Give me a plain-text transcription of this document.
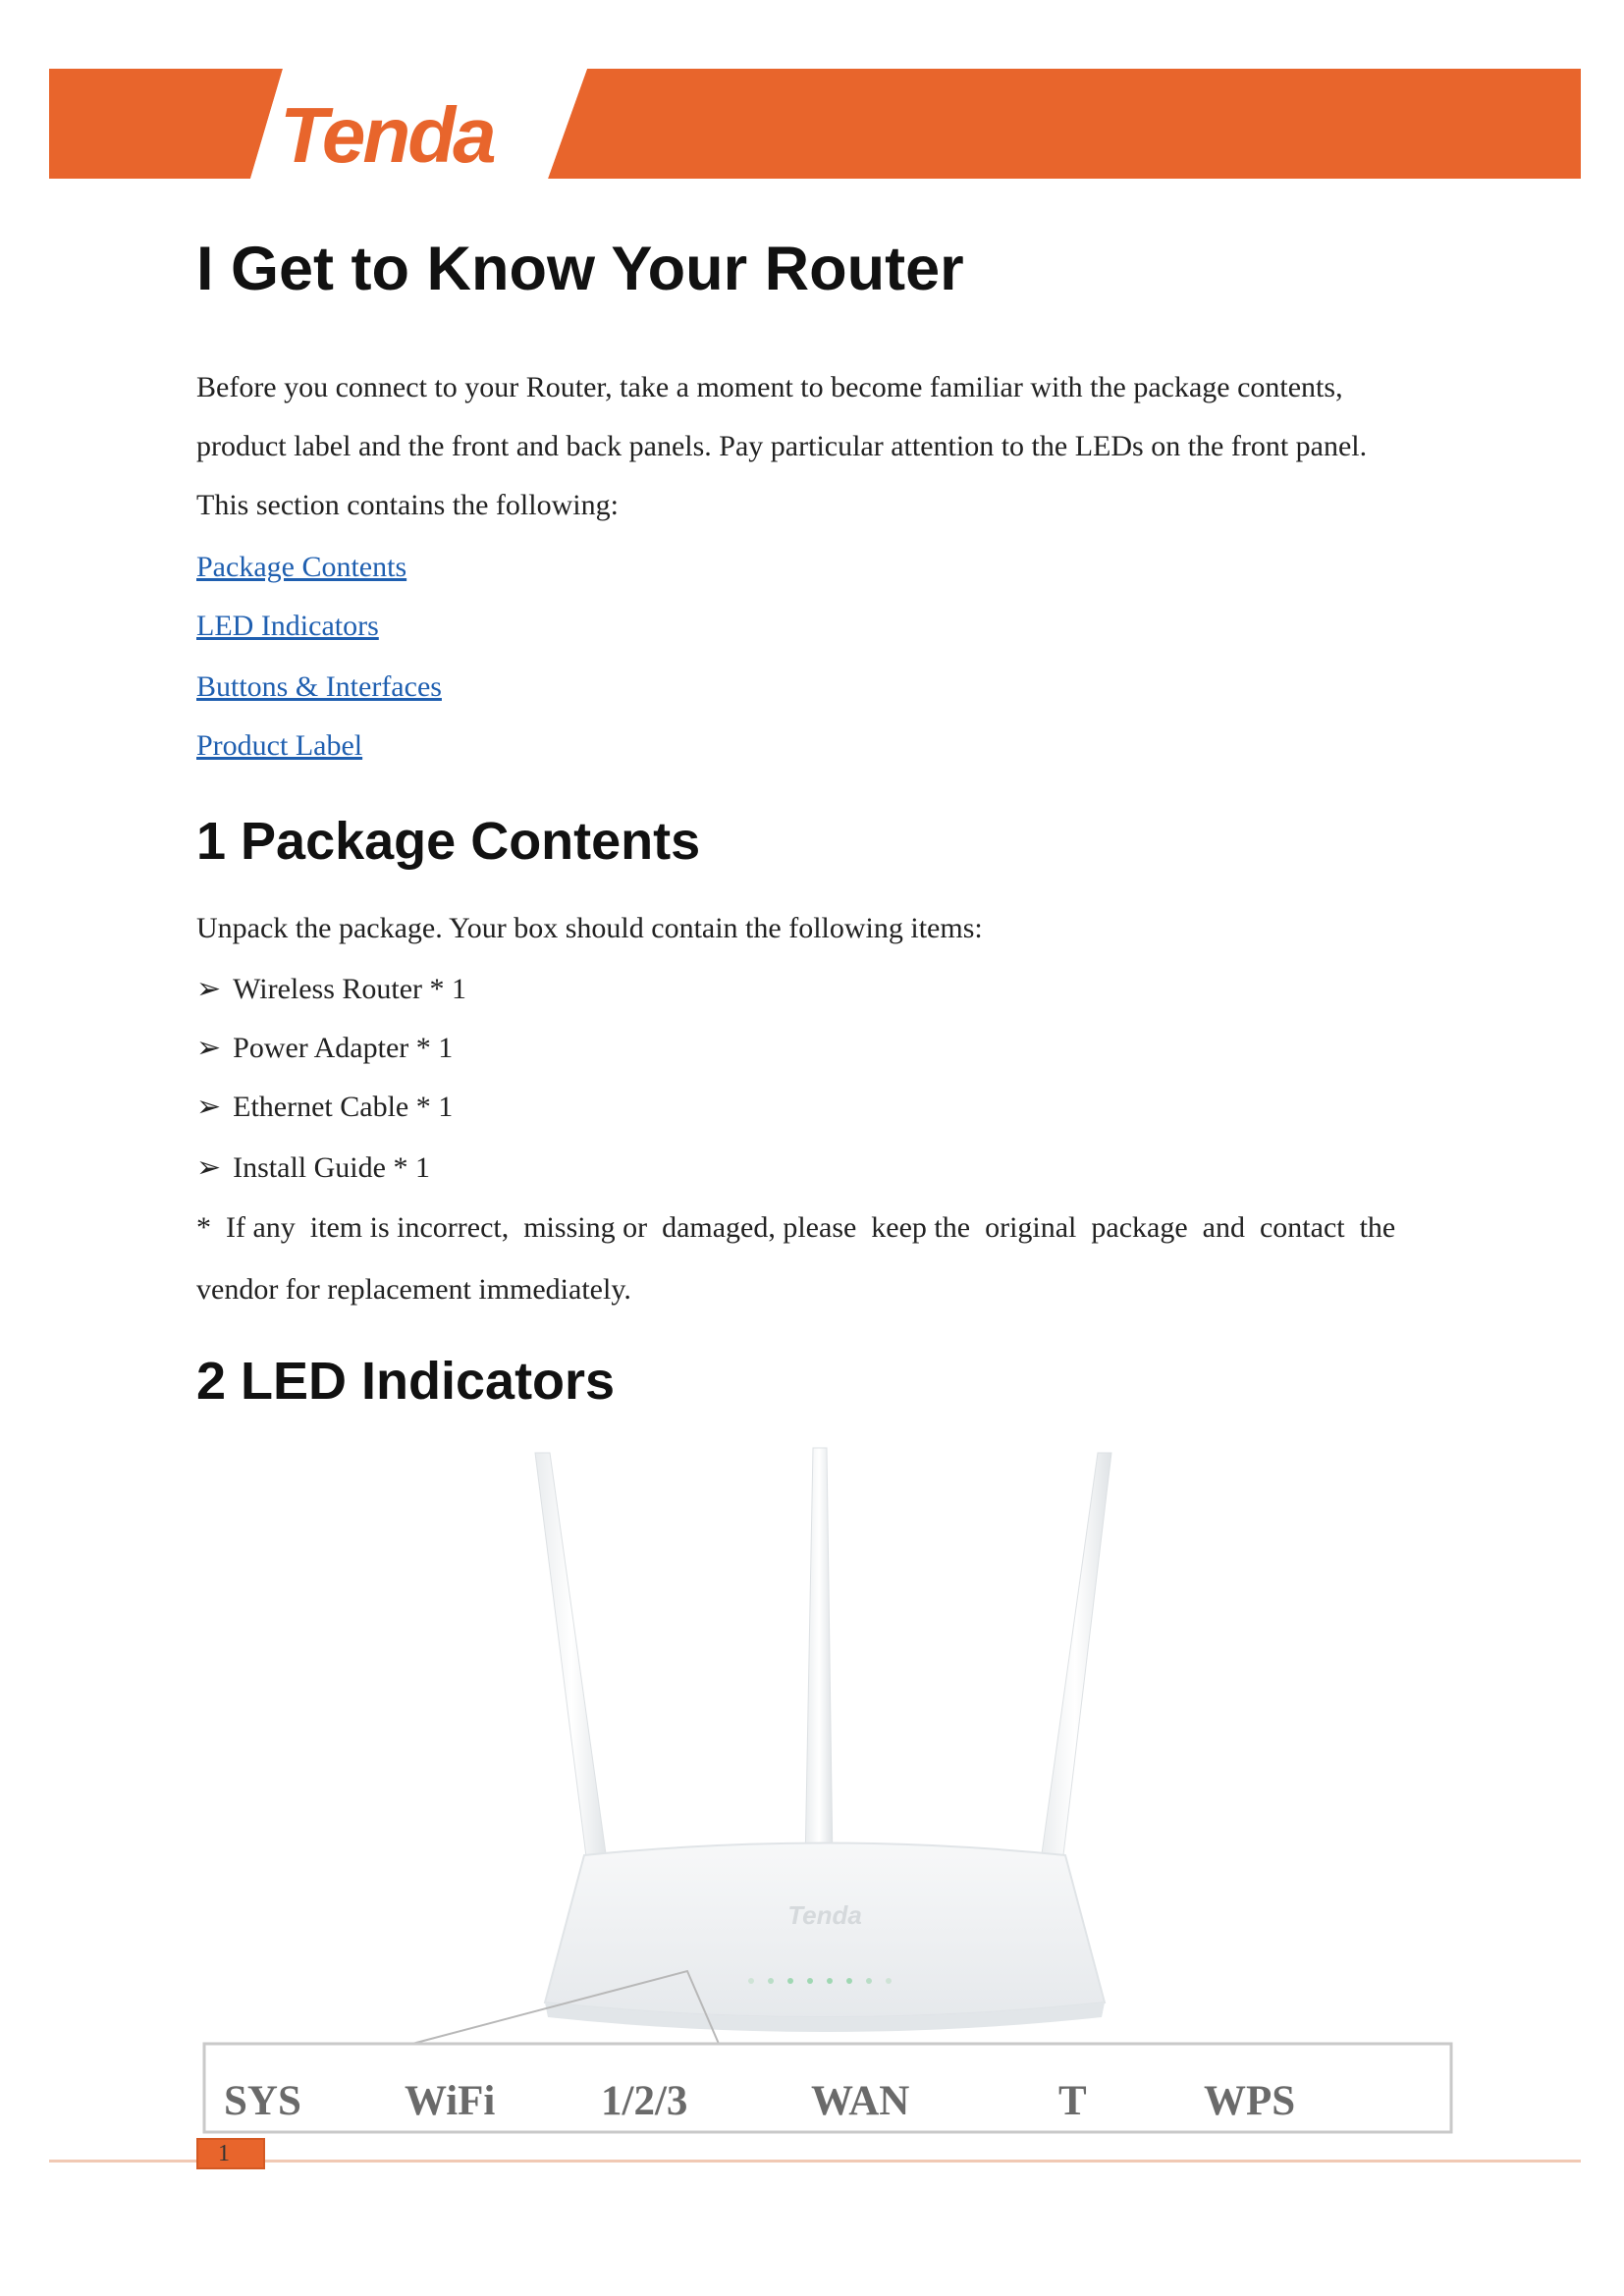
Tenda
I Get to Know Your Router

Before you connect to your Router, take a moment to become familiar with the package contents,

product label and the front and back panels. Pay particular attention to the LEDs on the front panel.

This section contains the following:

Package Contents
LED Indicators
Buttons & Interfaces
Product Label
1 Package Contents

Unpack the package. Your box should contain the following items:

➢ Wireless Router * 1
➢ Power Adapter * 1
➢ Ethernet Cable * 1
➢ Install Guide * 1

*  If any  item is incorrect,  missing or  damaged, please  keep the  original  package  and  contact  the

vendor for replacement immediately.

2 LED Indicators
Tenda
SYS WiFi	1/2/3	WAN	T	WPS
1
